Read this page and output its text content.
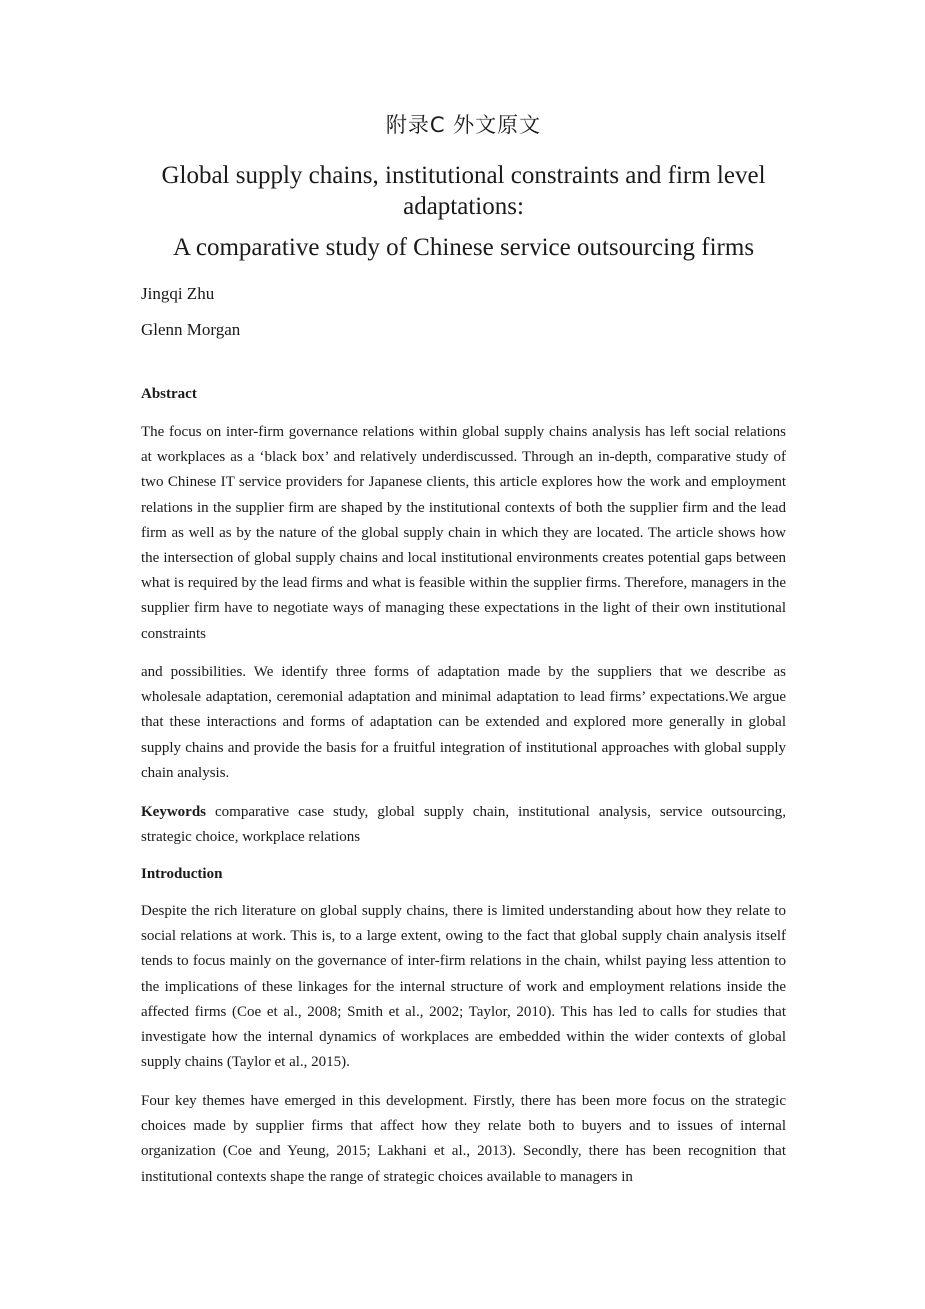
附录C 外文原文
Global supply chains, institutional constraints and firm level
adaptations:
A comparative study of Chinese service outsourcing firms
Jingqi Zhu
Glenn Morgan
Abstract

The focus on inter-firm governance relations within global supply chains analysis has left social relations at workplaces as a ‘black box’ and relatively underdiscussed. Through an in-depth, comparative study of two Chinese IT service providers for Japanese clients, this article explores how the work and employment relations in the supplier firm are shaped by the institutional contexts of both the supplier firm and the lead firm as well as by the nature of the global supply chain in which they are located. The article shows how the intersection of global supply chains and local institutional environments creates potential gaps between what is required by the lead firms and what is feasible within the supplier firms. Therefore, managers in the supplier firm have to negotiate ways of managing these expectations in the light of their own institutional constraints

and possibilities. We identify three forms of adaptation made by the suppliers that we describe as wholesale adaptation, ceremonial adaptation and minimal adaptation to lead firms’ expectations.We argue that these interactions and forms of adaptation can be extended and explored more generally in global supply chains and provide the basis for a fruitful integration of institutional approaches with global supply chain analysis.

Keywords comparative case study, global supply chain, institutional analysis, service outsourcing, strategic choice, workplace relations

Introduction

Despite the rich literature on global supply chains, there is limited understanding about how they relate to social relations at work. This is, to a large extent, owing to the fact that global supply chain analysis itself tends to focus mainly on the governance of inter-firm relations in the chain, whilst paying less attention to the implications of these linkages for the internal structure of work and employment relations inside the affected firms (Coe et al., 2008; Smith et al., 2002; Taylor, 2010). This has led to calls for studies that investigate how the internal dynamics of workplaces are embedded within the wider contexts of global supply chains (Taylor et al., 2015).

Four key themes have emerged in this development. Firstly, there has been more focus on the strategic choices made by supplier firms that affect how they relate both to buyers and to issues of internal organization (Coe and Yeung, 2015; Lakhani et al., 2013). Secondly, there has been recognition that institutional contexts shape the range of strategic choices available to managers in
